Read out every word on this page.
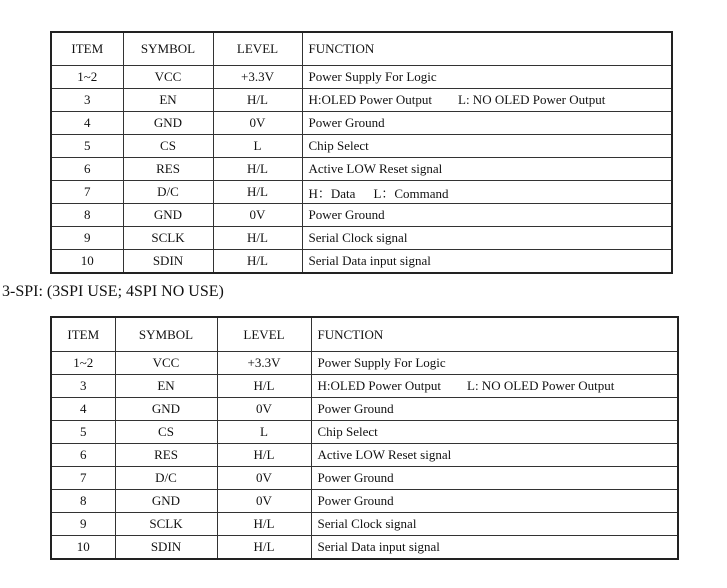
ITEM	SYMBOL	LEVEL	FUNCTION
1~2	VCC	+3.3V	Power Supply For Logic
3	EN	H/L	H:OLED Power Output L: NO OLED Power Output
4	GND	0V	Power Ground
5	CS	L	Chip Select
6	RES	H/L	Active LOW Reset signal
7	D/C	H/L	H：Data L：Command
8	GND	0V	Power Ground
9	SCLK	H/L	Serial Clock signal
10	SDIN	H/L	Serial Data input signal
3-SPI: (3SPI USE; 4SPI NO USE)
ITEM	SYMBOL	LEVEL	FUNCTION
1~2	VCC	+3.3V	Power Supply For Logic
3	EN	H/L	H:OLED Power Output L: NO OLED Power Output
4	GND	0V	Power Ground
5	CS	L	Chip Select
6	RES	H/L	Active LOW Reset signal
7	D/C	0V	Power Ground
8	GND	0V	Power Ground
9	SCLK	H/L	Serial Clock signal
10	SDIN	H/L	Serial Data input signal
